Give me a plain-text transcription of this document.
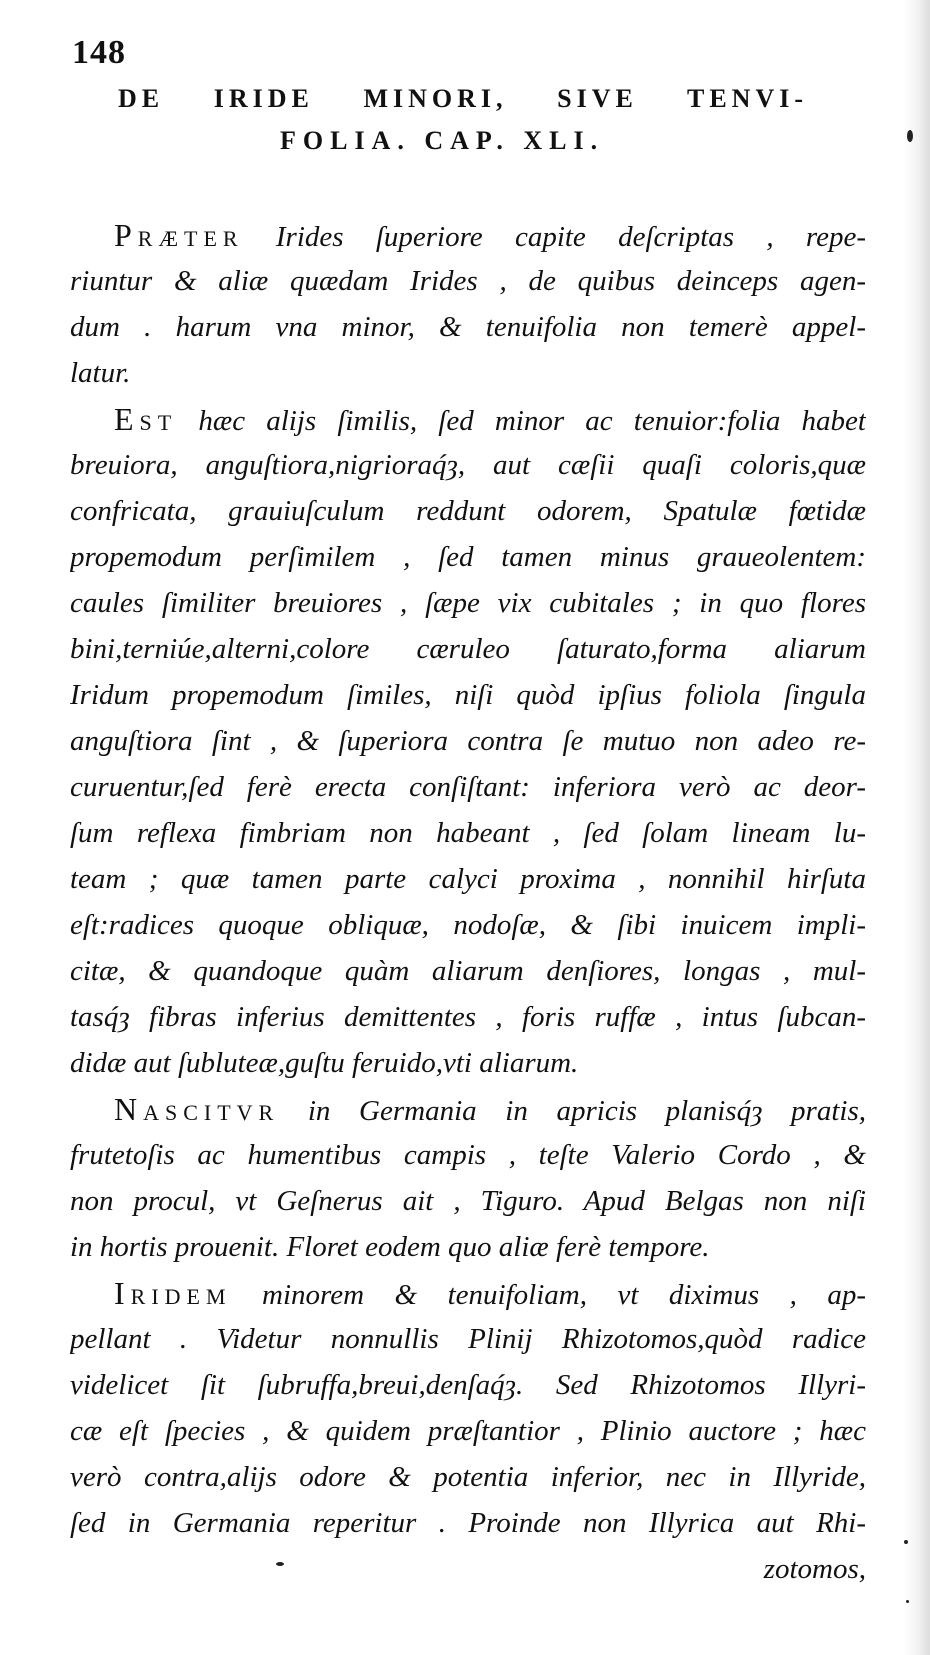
148
DE IRIDE MINORI, SIVE TENVI-
FOLIA. CAP. XLI.
PRÆTER Irides ſuperiore capite deſcriptas , repe-
riuntur & aliæ quædam Irides , de quibus deinceps agen-
dum . harum vna minor, & tenuifolia non temerè appel-
latur.
EST hæc alijs ſimilis, ſed minor ac tenuior:folia habet
breuiora, anguſtiora,nigrioraq́ȝ, aut cæſii quaſi coloris,quæ
confricata, grauiuſculum reddunt odorem, Spatulæ fœtidæ
propemodum perſimilem , ſed tamen minus graueolentem:
caules ſimiliter breuiores , ſæpe vix cubitales ; in quo flores
bini,terniúe,alterni,colore cæruleo ſaturato,forma aliarum
Iridum propemodum ſimiles, niſi quòd ipſius foliola ſingula
anguſtiora ſint , & ſuperiora contra ſe mutuo non adeo re-
curuentur,ſed ferè erecta conſiſtant: inferiora verò ac deor-
ſum reflexa fimbriam non habeant , ſed ſolam lineam lu-
team ; quæ tamen parte calyci proxima , nonnihil hirſuta
eſt:radices quoque obliquæ, nodoſæ, & ſibi inuicem impli-
citæ, & quandoque quàm aliarum denſiores, longas , mul-
tasq́ȝ fibras inferius demittentes , foris ruffæ , intus ſubcan-
didæ aut ſubluteæ,guſtu feruido,vti aliarum.
NASCITVR in Germania in apricis planisq́ȝ pratis,
frutetoſis ac humentibus campis , teſte Valerio Cordo , &
non procul, vt Geſnerus ait , Tiguro. Apud Belgas non niſi
in hortis prouenit. Floret eodem quo aliæ ferè tempore.
IRIDEM minorem & tenuifoliam, vt diximus , ap-
pellant . Videtur nonnullis Plinij Rhizotomos,quòd radice
videlicet ſit ſubruffa,breui,denſaq́ȝ. Sed Rhizotomos Illyri-
cæ eſt ſpecies , & quidem præſtantior , Plinio auctore ; hæc
verò contra,alijs odore & potentia inferior, nec in Illyride,
ſed in Germania reperitur . Proinde non Illyrica aut Rhi-
zotomos,
